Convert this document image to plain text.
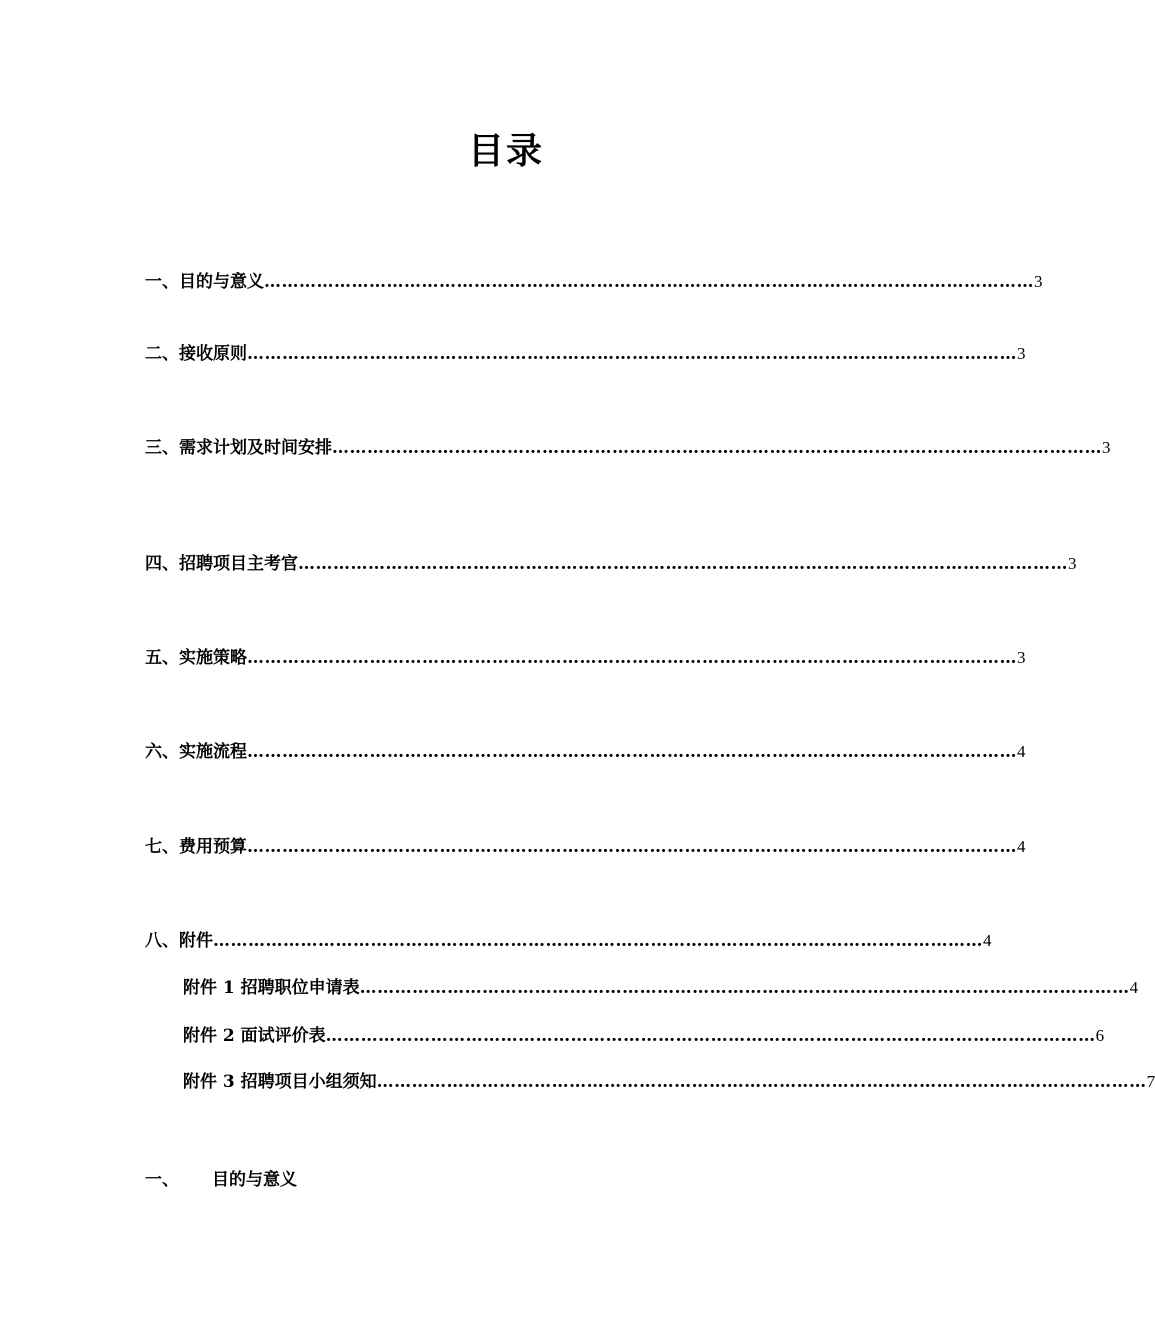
目录
一、目的与意义 …………………………………………………………………………………………………………………… 3
二、接收原则 …………………………………………………………………………………………………………………… 3
三、需求计划及时间安排 …………………………………………………………………………………………………………………… 3
四、招聘项目主考官 …………………………………………………………………………………………………………………… 3
五、实施策略 …………………………………………………………………………………………………………………… 3
六、实施流程 …………………………………………………………………………………………………………………… 4
七、费用预算 …………………………………………………………………………………………………………………… 4
八、附件 …………………………………………………………………………………………………………………… 4
附件 1 招聘职位申请表 …………………………………………………………………………………………………………………… 4
附件 2 面试评价表 …………………………………………………………………………………………………………………… 6
附件 3 招聘项目小组须知 …………………………………………………………………………………………………………………… 7
一、 目的与意义
